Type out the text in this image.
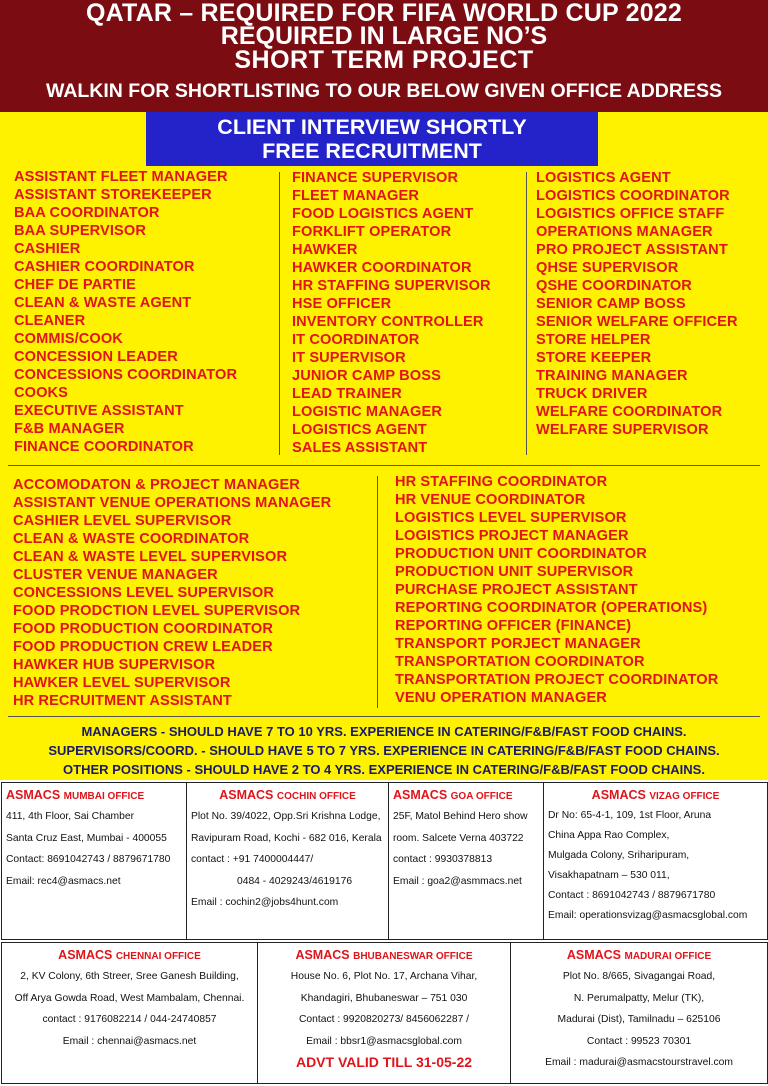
QATAR – REQUIRED FOR FIFA WORLD CUP 2022
REQUIRED IN LARGE NO’S
SHORT TERM PROJECT
WALKIN FOR SHORTLISTING TO OUR BELOW GIVEN OFFICE ADDRESS
CLIENT INTERVIEW SHORTLY
FREE RECRUITMENT
ASSISTANT FLEET MANAGER
ASSISTANT STOREKEEPER
BAA COORDINATOR
BAA SUPERVISOR
CASHIER
CASHIER COORDINATOR
CHEF DE PARTIE
CLEAN & WASTE AGENT
CLEANER
COMMIS/COOK
CONCESSION LEADER
CONCESSIONS COORDINATOR
COOKS
EXECUTIVE ASSISTANT
F&B MANAGER
FINANCE COORDINATOR
FINANCE SUPERVISOR
FLEET MANAGER
FOOD LOGISTICS AGENT
FORKLIFT OPERATOR
HAWKER
HAWKER COORDINATOR
HR STAFFING SUPERVISOR
HSE OFFICER
INVENTORY CONTROLLER
IT COORDINATOR
IT SUPERVISOR
JUNIOR CAMP BOSS
LEAD TRAINER
LOGISTIC MANAGER
LOGISTICS AGENT
SALES ASSISTANT
LOGISTICS AGENT
LOGISTICS COORDINATOR
LOGISTICS OFFICE STAFF
OPERATIONS MANAGER
PRO PROJECT ASSISTANT
QHSE SUPERVISOR
QSHE COORDINATOR
SENIOR CAMP BOSS
SENIOR WELFARE OFFICER
STORE HELPER
STORE KEEPER
TRAINING MANAGER
TRUCK DRIVER
WELFARE COORDINATOR
WELFARE SUPERVISOR
ACCOMODATON & PROJECT MANAGER
ASSISTANT VENUE OPERATIONS MANAGER
CASHIER LEVEL SUPERVISOR
CLEAN & WASTE COORDINATOR
CLEAN & WASTE LEVEL SUPERVISOR
CLUSTER VENUE MANAGER
CONCESSIONS LEVEL SUPERVISOR
FOOD PRODCTION LEVEL SUPERVISOR
FOOD PRODUCTION COORDINATOR
FOOD PRODUCTION CREW LEADER
HAWKER HUB SUPERVISOR
HAWKER LEVEL SUPERVISOR
HR RECRUITMENT ASSISTANT
HR STAFFING COORDINATOR
HR VENUE COORDINATOR
LOGISTICS LEVEL SUPERVISOR
LOGISTICS PROJECT MANAGER
PRODUCTION UNIT COORDINATOR
PRODUCTION UNIT SUPERVISOR
PURCHASE PROJECT ASSISTANT
REPORTING COORDINATOR (OPERATIONS)
REPORTING OFFICER (FINANCE)
TRANSPORT PORJECT MANAGER
TRANSPORTATION COORDINATOR
TRANSPORTATION PROJECT COORDINATOR
VENU OPERATION MANAGER
MANAGERS - SHOULD HAVE 7 TO 10 YRS. EXPERIENCE IN CATERING/F&B/FAST FOOD CHAINS.
SUPERVISORS/COORD. - SHOULD HAVE 5 TO 7 YRS. EXPERIENCE IN CATERING/F&B/FAST FOOD CHAINS.
OTHER POSITIONS - SHOULD HAVE 2 TO 4 YRS. EXPERIENCE IN CATERING/F&B/FAST FOOD CHAINS.
ASMACS MUMBAI OFFICE
411, 4th Floor, Sai Chamber
Santa Cruz East, Mumbai - 400055
Contact: 8691042743 / 8879671780
Email: rec4@asmacs.net
ASMACS COCHIN OFFICE
Plot No. 39/4022, Opp.Sri Krishna Lodge,
Ravipuram Road, Kochi - 682 016, Kerala
contact : +91 7400004447/
0484 - 4029243/4619176
Email : cochin2@jobs4hunt.com
ASMACS GOA OFFICE
25F, Matol Behind Hero show
room. Salcete Verna 403722
contact : 9930378813
Email : goa2@asmmacs.net
ASMACS VIZAG OFFICE
Dr No: 65-4-1, 109, 1st Floor, Aruna
China Appa Rao Complex,
Mulgada Colony, Sriharipuram,
Visakhapatnam – 530 011,
Contact : 8691042743 / 8879671780
Email: operationsvizag@asmacsglobal.com
ASMACS CHENNAI OFFICE
2, KV Colony, 6th Streer, Sree Ganesh Building,
Off Arya Gowda Road, West Mambalam, Chennai.
contact : 9176082214 / 044-24740857
Email : chennai@asmacs.net
ASMACS BHUBANESWAR OFFICE
House No. 6, Plot No. 17, Archana Vihar,
Khandagiri, Bhubaneswar – 751 030
Contact : 9920820273/ 8456062287 /
Email : bbsr1@asmacsglobal.com
ADVT VALID TILL 31-05-22
ASMACS MADURAI OFFICE
Plot No. 8/665, Sivagangai Road,
N. Perumalpatty, Melur (TK),
Madurai (Dist), Tamilnadu – 625106
Contact : 99523 70301
Email : madurai@asmacstourstravel.com
